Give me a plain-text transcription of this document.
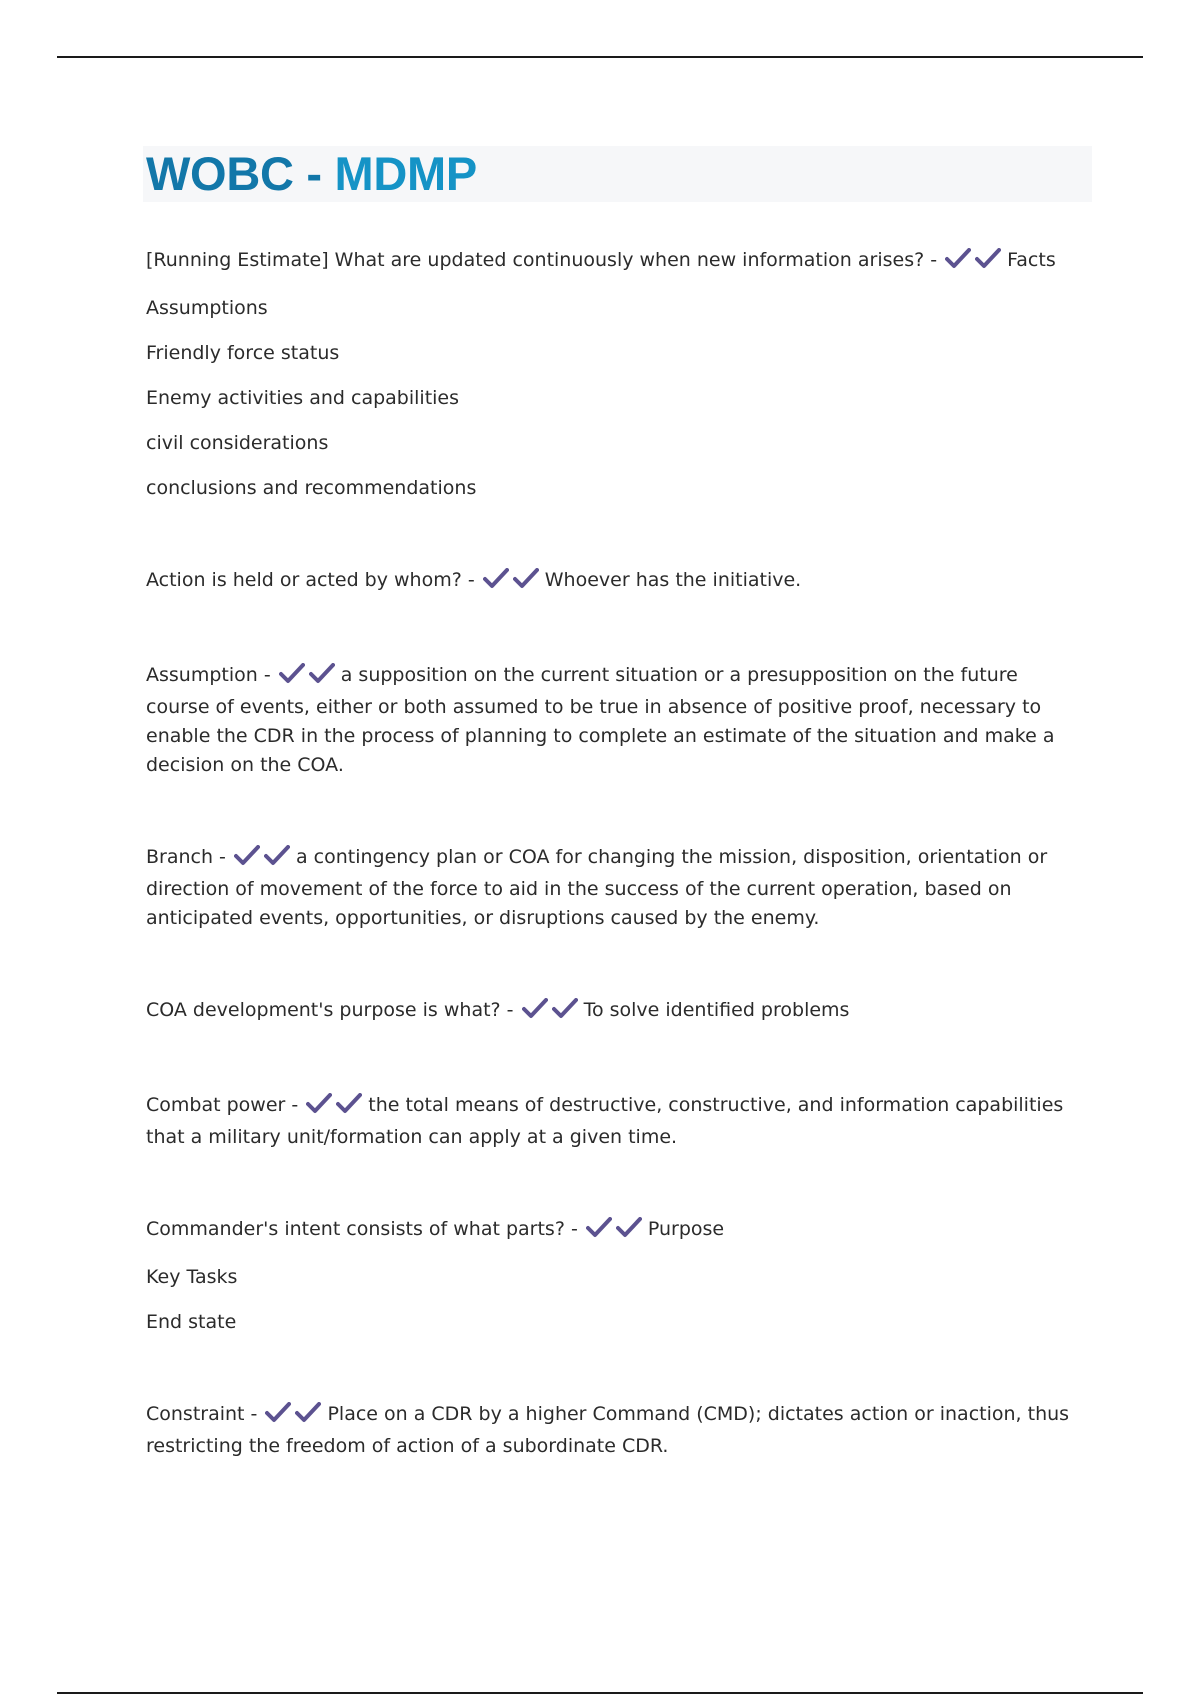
WOBC - MDMP

[Running Estimate] What are updated continuously when new information arises? -	Facts

Assumptions

Friendly force status

Enemy activities and capabilities

civil considerations

conclusions and recommendations

Action is held or acted by whom? -	Whoever has the initiative.

Assumption -	a supposition on the current situation or a presupposition on the future course of events, either or both assumed to be true in absence of positive proof, necessary to enable the CDR in the process of planning to complete an estimate of the situation and make a decision on the COA.

Branch -	a contingency plan or COA for changing the mission, disposition, orientation or direction of movement of the force to aid in the success of the current operation, based on anticipated events, opportunities, or disruptions caused by the enemy.

COA development's purpose is what? -	To solve identified problems

Combat power -	the total means of destructive, constructive, and information capabilities that a military unit/formation can apply at a given time.

Commander's intent consists of what parts? -	Purpose

Key Tasks

End state

Constraint -	Place on a CDR by a higher Command (CMD); dictates action or inaction, thus restricting the freedom of action of a subordinate CDR.
